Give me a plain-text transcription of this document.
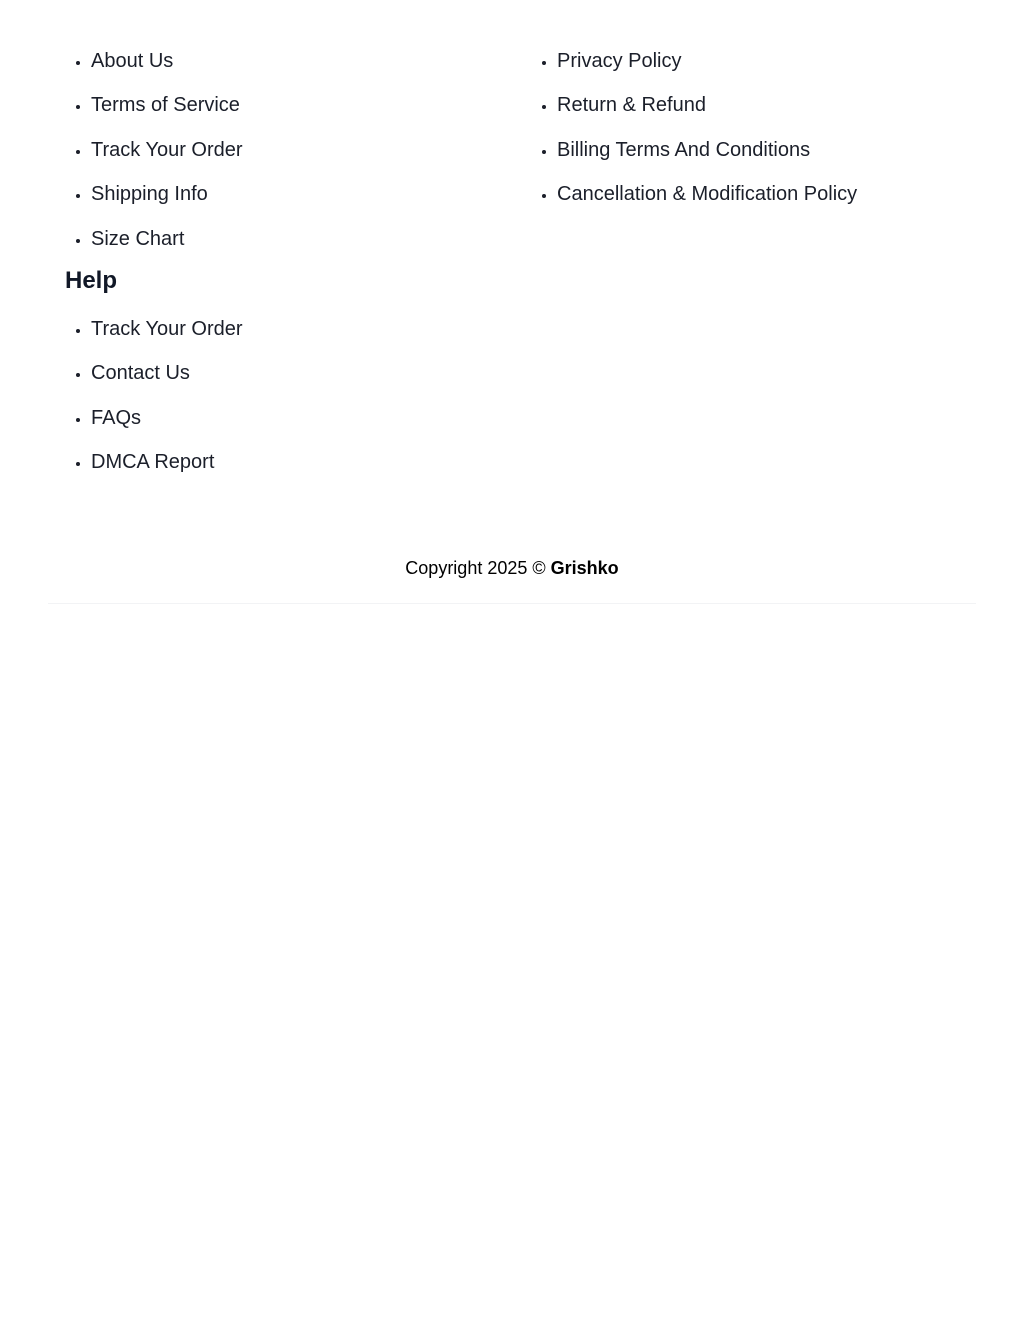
• About Us
• Terms of Service
• Track Your Order
• Shipping Info
• Size Chart
Help
• Track Your Order
• Contact Us
• FAQs
• DMCA Report
• Privacy Policy
• Return & Refund
• Billing Terms And Conditions
• Cancellation & Modification Policy
Copyright 2025 © Grishko
